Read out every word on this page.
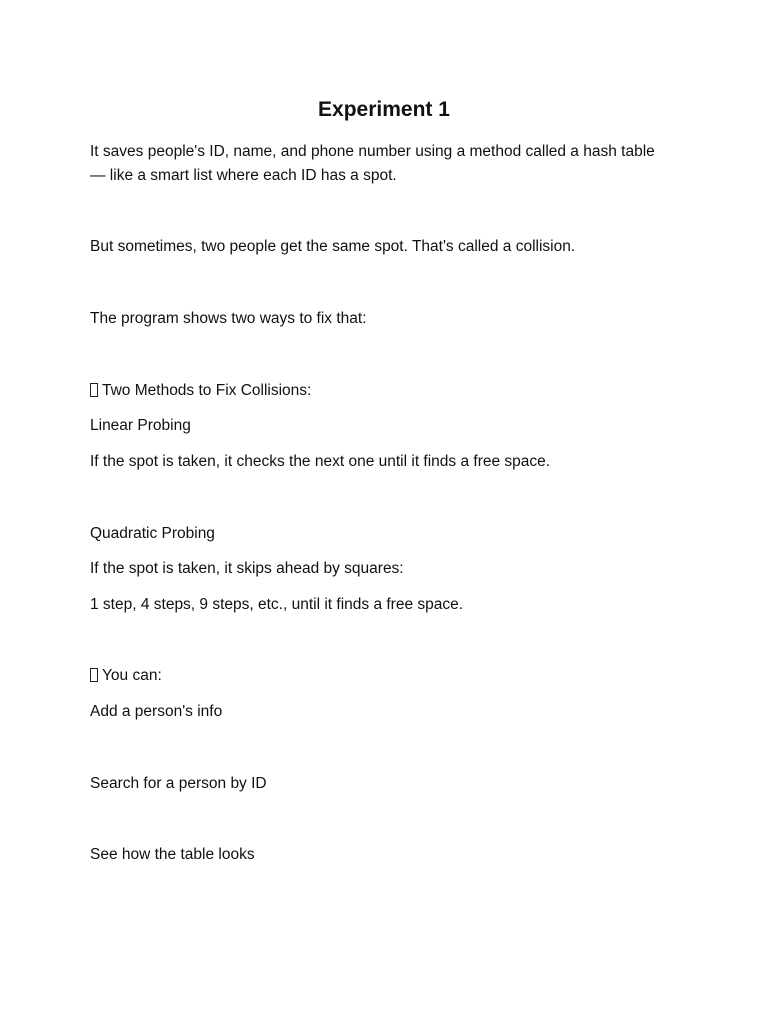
Experiment 1

It saves people's ID, name, and phone number using a method called a hash table

— like a smart list where each ID has a spot.

But sometimes, two people get the same spot. That's called a collision.

The program shows two ways to fix that:

Two Methods to Fix Collisions:

Linear Probing

If the spot is taken, it checks the next one until it finds a free space.

Quadratic Probing

If the spot is taken, it skips ahead by squares:

1 step, 4 steps, 9 steps, etc., until it finds a free space.

You can:

Add a person's info

Search for a person by ID

See how the table looks
